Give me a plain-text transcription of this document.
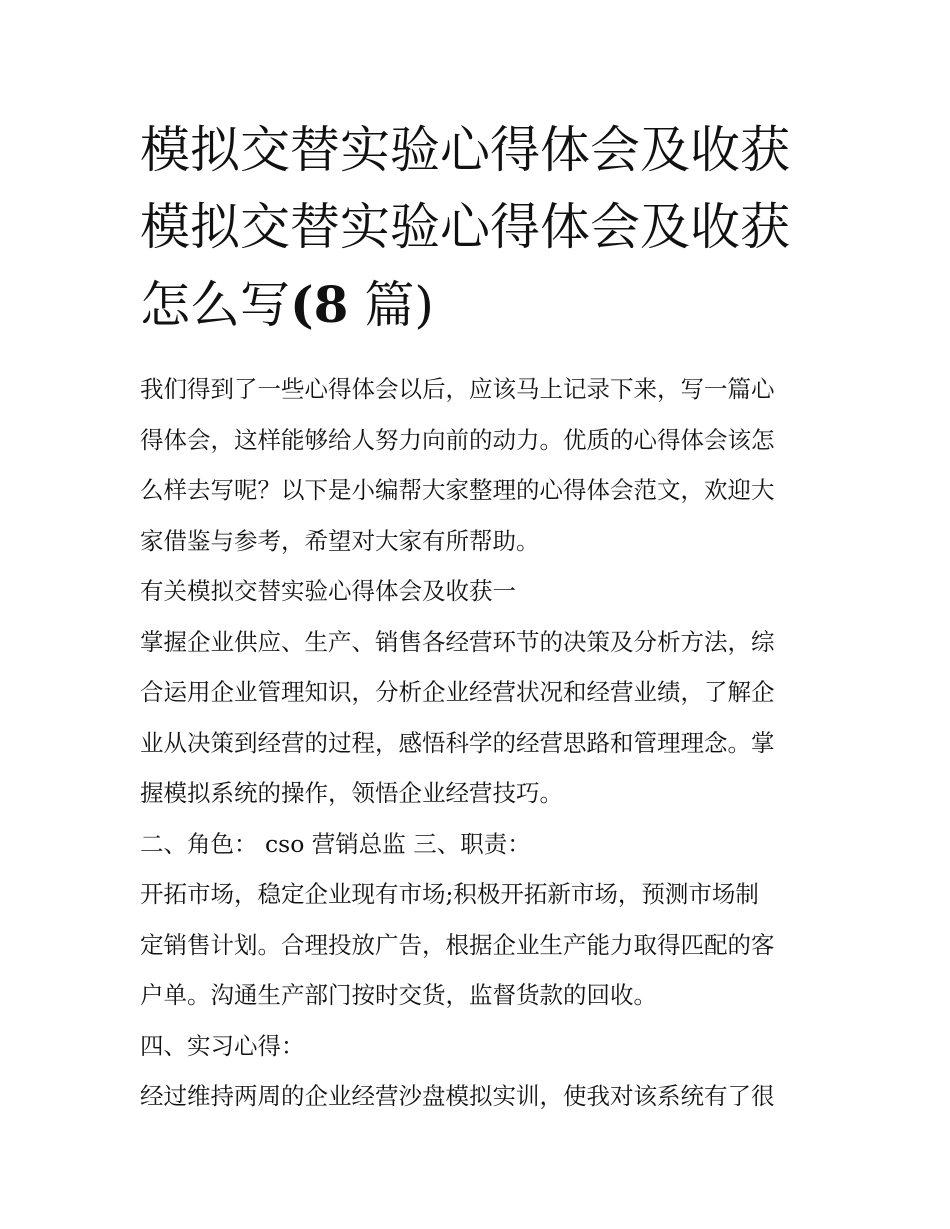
模拟交替实验心得体会及收获
模拟交替实验心得体会及收获
怎么写(8 篇)

我们得到了一些心得体会以后，应该马上记录下来，写一篇心
得体会，这样能够给人努力向前的动力。优质的心得体会该怎
么样去写呢？以下是小编帮大家整理的心得体会范文，欢迎大
家借鉴与参考，希望对大家有所帮助。

有关模拟交替实验心得体会及收获一

掌握企业供应、生产、销售各经营环节的决策及分析方法，综
合运用企业管理知识，分析企业经营状况和经营业绩，了解企
业从决策到经营的过程，感悟科学的经营思路和管理理念。掌
握模拟系统的操作，领悟企业经营技巧。

二、角色： cso 营销总监 三、职责：

开拓市场，稳定企业现有市场;积极开拓新市场，预测市场制
定销售计划。合理投放广告，根据企业生产能力取得匹配的客
户单。沟通生产部门按时交货，监督货款的回收。

四、实习心得：

经过维持两周的企业经营沙盘模拟实训，使我对该系统有了很
